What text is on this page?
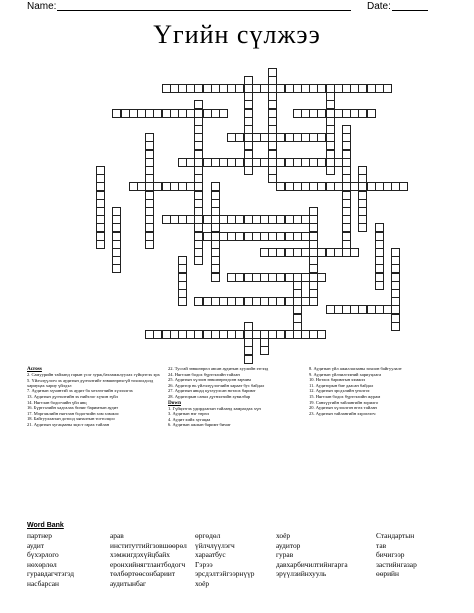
Name:	Date:
Үгийн сүлжээ
Across
2. Самуурийн тайланд гарын үсэг зурж,батламжлуулах гүйцэтгэх эрх
5. Үйлчлүүлэгч эх аудитын дүгнэлтийг зөвшөөрөхгүй тохиолдолд хариуцах хариу үйлдэл
7. Аудитын хүчинтэй эх аудит ба хөтлөгчийн хүлээлгэх
13. Аудитын дүгнэлтийн эх нийтлэг хүчин зүйл
14. Нягтлан бодогчийн үйл явц
16. Бүртгэлийн хадгалах бичиг баримтын аудит
17. Мэргэжлийн нягтлан бодогчийн хэм хэмжээ
18. Байгууллагын дотоод хяналтын тогтолцоо
21. Аудитын хугацааны эцэст гарах тайлан
22. Тусгай зөвшөөрөл авсан аудитын хуулийн этгээд
24. Нягтлан бодох бүртгэлийн тайлан
25. Аудитын хүлээн зөвшөөрөгдсөн зарчим
26. Аудитор нь үйлчлүүлэгчийн хараат бус байдал
27. Аудитын явцад цуглуулсан нотлох баримт
28. Аудиторын санал дүгнэлтийн хувилбар
Down
1. Гүйцэтгэх удирдлагын тайланд хамрагдах хүн
3. Аудитын нэг төрөл
4. Аудит хийх хугацаа
6. Аудитын ажлын баримт бичиг
8. Аудитын үйл ажиллагааны зохион байгуулалт
9. Аудитын үйлчилгээний хариуцлага
10. Нотлох баримтын хэмжээ
11. Аудиторын бие даасан байдал
12. Аудитын эрсдэлийн үнэлгээ
15. Нягтлан бодох бүртгэлийн журам
19. Санхүүгийн тайлангийн зорилго
20. Аудитын хүлээлгэн өгөх тайлан
23. Аудитын тайлангийн хэрэглэгч
Word Bank
партнер
аудит
бүхэрлого
нөхөрлөл
гуравдагчтэгэд
насбарсан
арав
институттийгзовшөөрөл
хэмжигдэхүйцбайх
еронхийнягтлантбодогч
төлбөртөөсонбариит
аудитынбаг
өргөдөл
үйлчлүүлэгч
хараатбус
Гэрээ
эрсдэлтэйгээрнүүр
хоёр
хоёр
аудитор
гурав
давхарбичилтийнгарга
эрүүлзийнхууль
Стандартын
тав
бичигээр
застийнгазар
өөрийн
